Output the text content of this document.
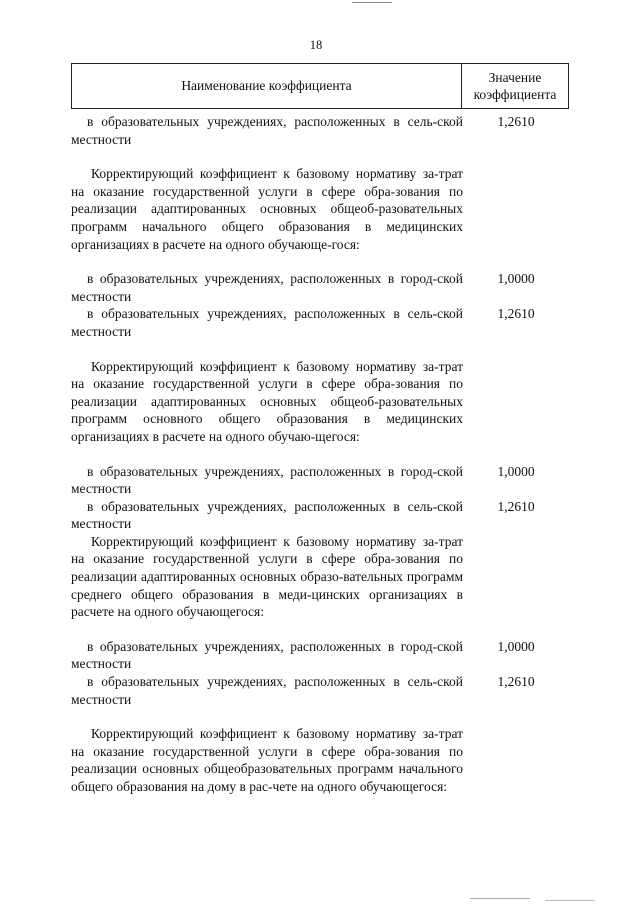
18
Наименование коэффициента
Значение
коэффициента
в образовательных учреждениях, расположенных в сель-ской местности
1,2610
Корректирующий коэффициент к базовому нормативу за-трат на оказание государственной услуги в сфере обра-зования по реализации адаптированных основных общеоб-разовательных программ начального общего образования в медицинских организациях в расчете на одного обучающе-гося:
в образовательных учреждениях, расположенных в город-ской местности
1,0000
в образовательных учреждениях, расположенных в сель-ской местности
1,2610
Корректирующий коэффициент к базовому нормативу за-трат на оказание государственной услуги в сфере обра-зования по реализации адаптированных основных общеоб-разовательных программ основного общего образования в медицинских организациях в расчете на одного обучаю-щегося:
в образовательных учреждениях, расположенных в город-ской местности
1,0000
в образовательных учреждениях, расположенных в сель-ской местности
1,2610
Корректирующий коэффициент к базовому нормативу за-трат на оказание государственной услуги в сфере обра-зования по реализации адаптированных основных образо-вательных программ среднего общего образования в меди-цинских организациях в расчете на одного обучающегося:
в образовательных учреждениях, расположенных в город-ской местности
1,0000
в образовательных учреждениях, расположенных в сель-ской местности
1,2610
Корректирующий коэффициент к базовому нормативу за-трат на оказание государственной услуги в сфере обра-зования по реализации основных общеобразовательных программ начального общего образования на дому в рас-чете на одного обучающегося:
